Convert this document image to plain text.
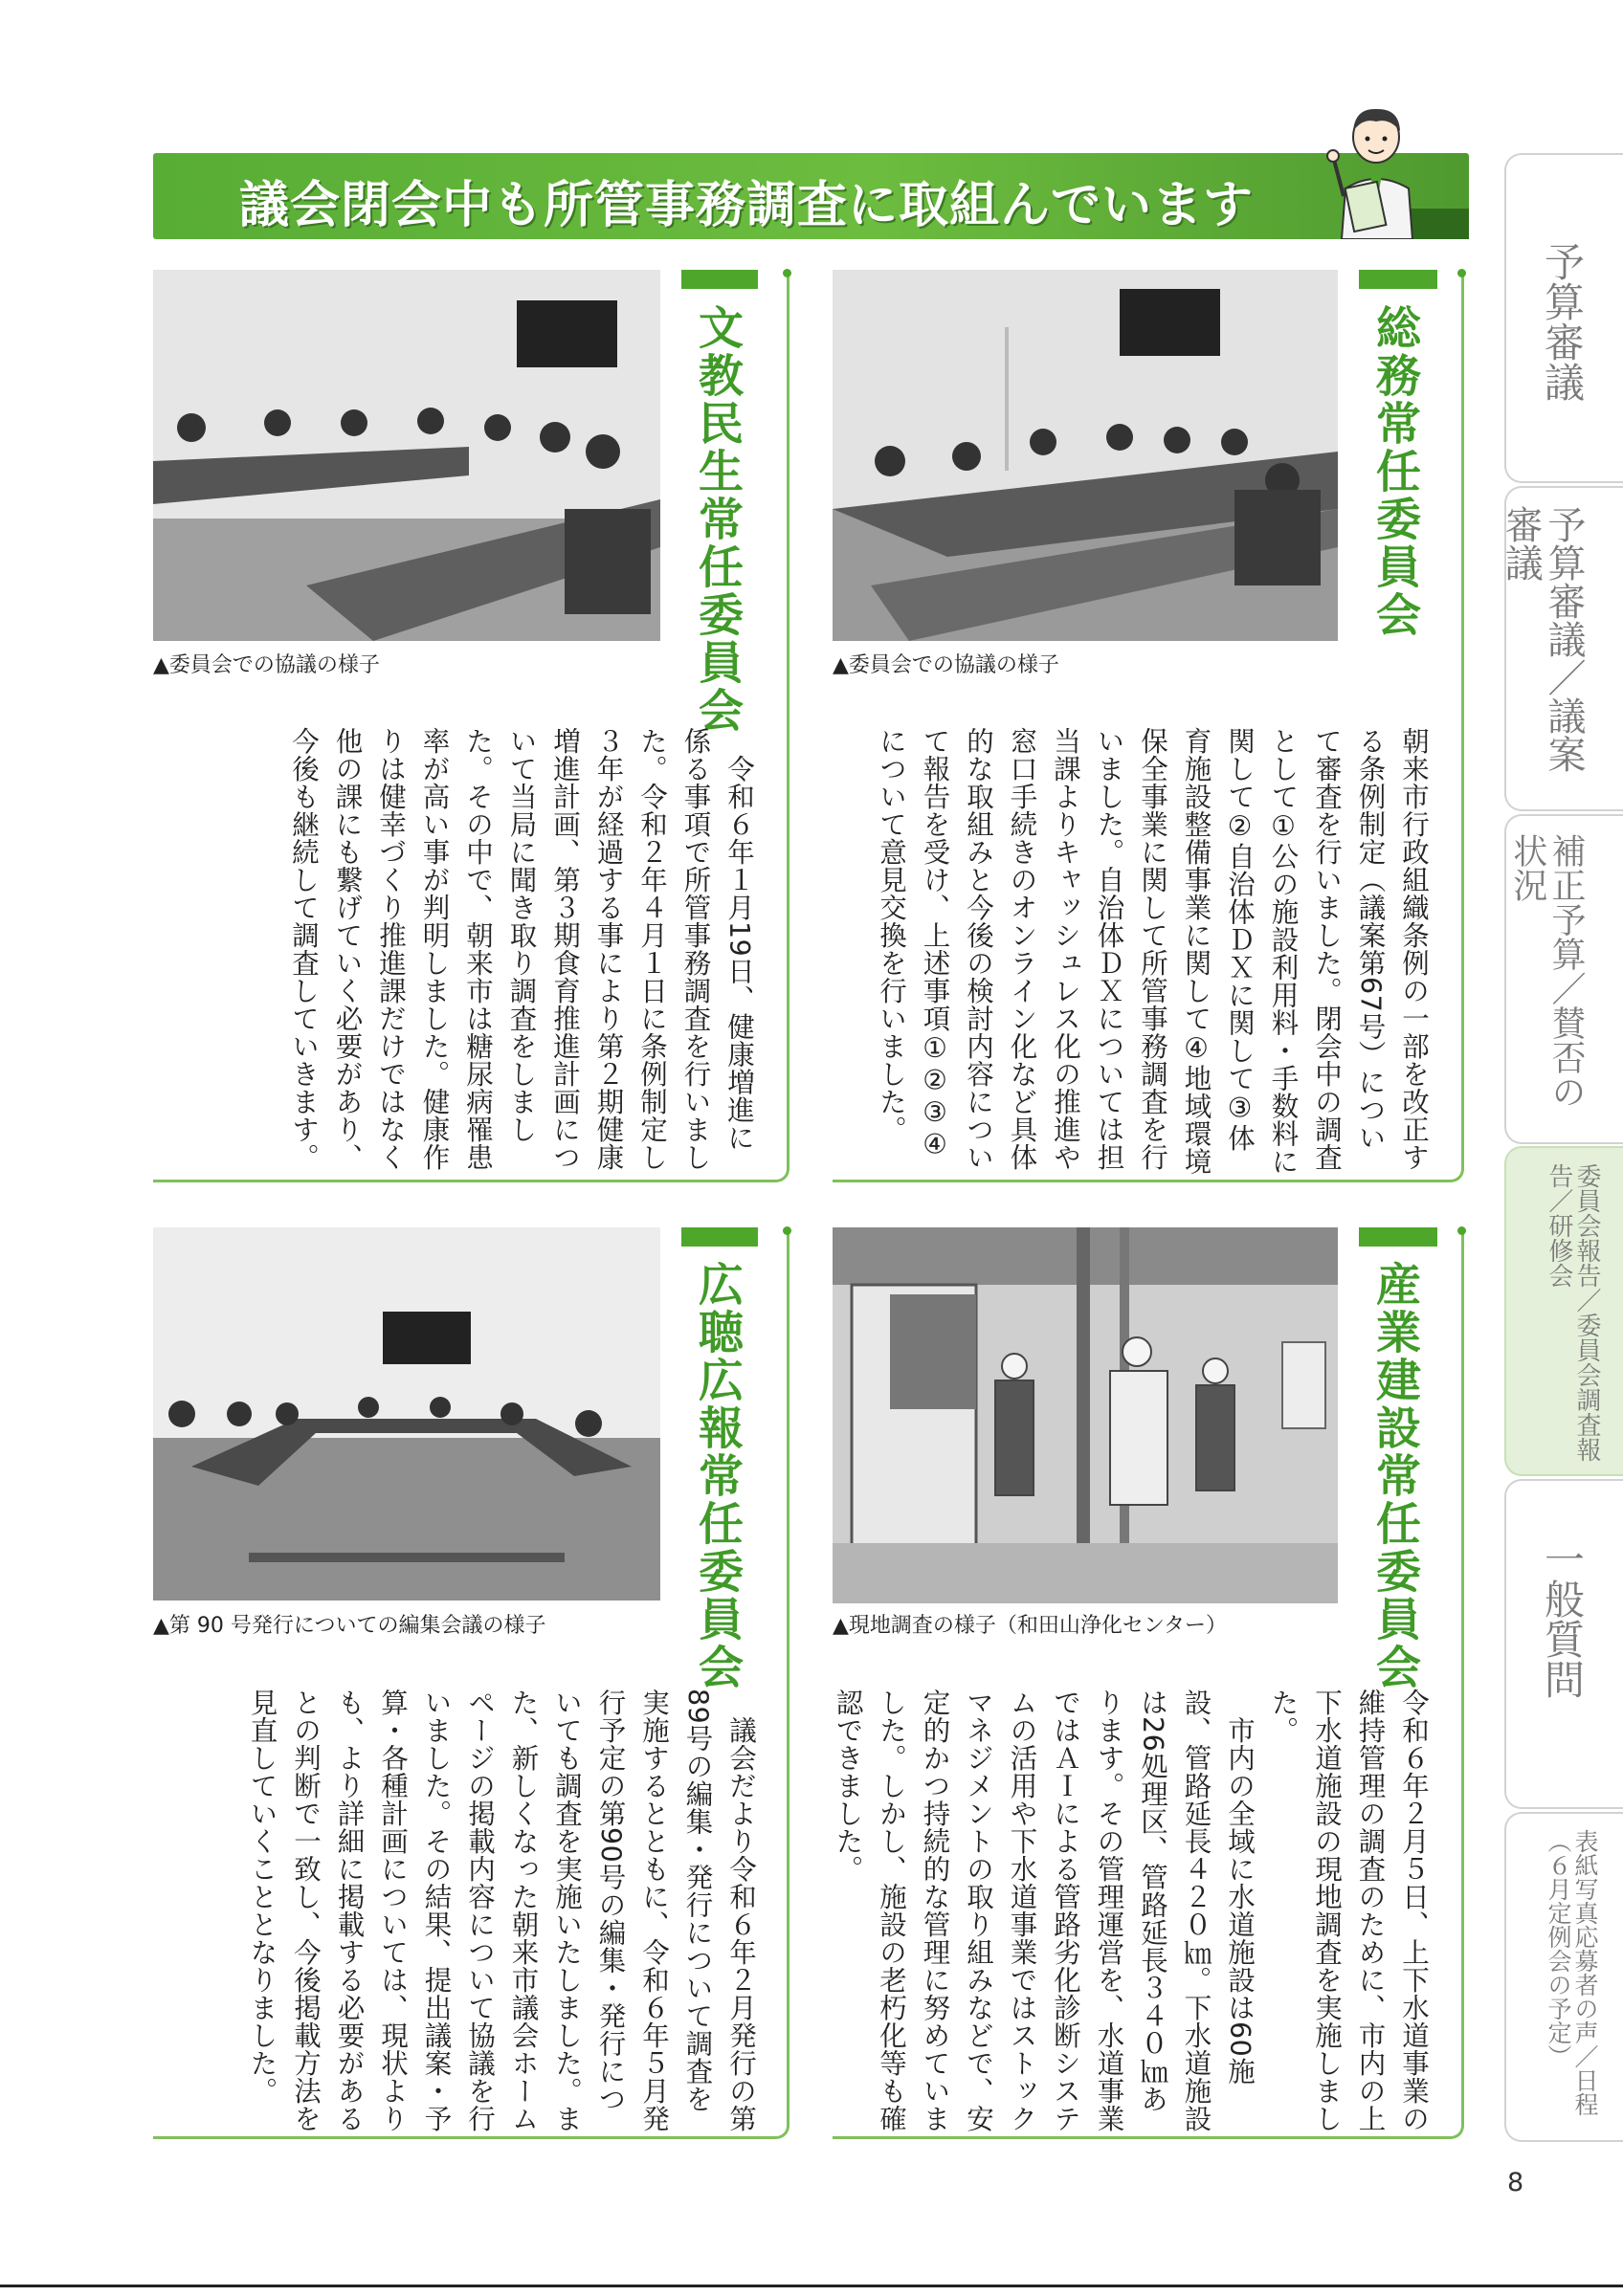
議会閉会中も所管事務調査に取組んでいます
▲委員会での協議の様子
総務常任委員会
朝来市行政組織条例の一部を改正する条例制定（議案第67号）について審査を行いました。閉会中の調査として①公の施設利用料・手数料に関して②自治体ＤＸに関して③体育施設整備事業に関して④地域環境保全事業に関して所管事務調査を行いました。自治体ＤＸについては担当課よりキャッシュレス化の推進や窓口手続きのオンライン化など具体的な取組みと今後の検討内容について報告を受け、上述事項①②③④について意見交換を行いました。
▲委員会での協議の様子	文教民生常任委員会
　令和６年１月19日、健康増進に係る事項で所管事務調査を行いました。令和２年４月１日に条例制定し３年が経過する事により第２期健康増進計画、第３期食育推進計画について当局に聞き取り調査をしました。その中で、朝来市は糖尿病罹患率が高い事が判明しました。健康作りは健幸づくり推進課だけではなく他の課にも繋げていく必要があり、今後も継続して調査していきます。
▲現地調査の様子（和田山浄化センター）	産業建設常任委員会
令和６年２月５日、上下水道事業の維持管理の調査のために、市内の上下水道施設の現地調査を実施しました。
　市内の全域に水道施設は60施設、管路延長４２０㎞。下水道施設は26処理区、管路延長３４０㎞あります。その管理運営を、水道事業ではＡＩによる管路劣化診断システムの活用や下水道事業ではストックマネジメントの取り組みなどで、安定的かつ持続的な管理に努めていました。しかし、施設の老朽化等も確認できました。
▲第 90 号発行についての編集会議の様子	広聴広報常任委員会
　議会だより令和６年２月発行の第89号の編集・発行について調査を実施するとともに、令和６年５月発行予定の第90号の編集・発行についても調査を実施いたしました。また、新しくなった朝来市議会ホームページの掲載内容について協議を行いました。その結果、提出議案・予算・各種計画については、現状よりも、より詳細に掲載する必要があるとの判断で一致し、今後掲載方法を見直していくこととなりました。
予算審議
予算審議／議案審議
補正予算／賛否の状況
委員会報告／委員会調査報告／研修会
一般質問
表紙写真応募者の声／日程（６月定例会の予定）
8
